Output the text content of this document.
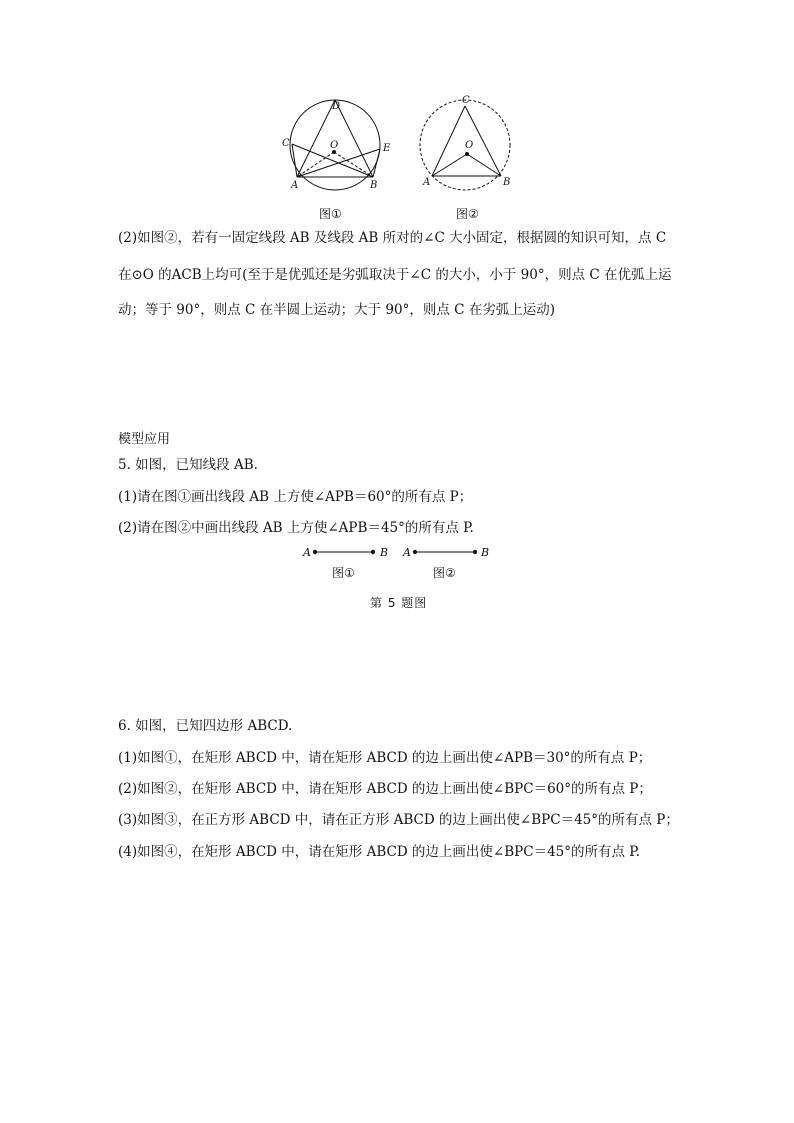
D
C	E
O
A	B
C
O
A	B
图①	图②
(2)如图②，若有一固定线段 AB 及线段 AB 所对的∠C 大小固定，根据圆的知识可知，点 C
在⊙O 的ACB上均可(至于是优弧还是劣弧取决于∠C 的大小，小于 90°，则点 C 在优弧上运
动；等于 90°，则点 C 在半圆上运动；大于 90°，则点 C 在劣弧上运动)
模型应用
5. 如图，已知线段 AB.
(1)请在图①画出线段 AB 上方使∠APB＝60°的所有点 P；
(2)请在图②中画出线段 AB 上方使∠APB＝45°的所有点 P.
A	B A	B
图①	图②
第 5 题图
6. 如图，已知四边形 ABCD.
(1)如图①，在矩形 ABCD 中，请在矩形 ABCD 的边上画出使∠APB＝30°的所有点 P；
(2)如图②，在矩形 ABCD 中，请在矩形 ABCD 的边上画出使∠BPC＝60°的所有点 P；
(3)如图③，在正方形 ABCD 中，请在正方形 ABCD 的边上画出使∠BPC＝45°的所有点 P；
(4)如图④，在矩形 ABCD 中，请在矩形 ABCD 的边上画出使∠BPC＝45°的所有点 P.
